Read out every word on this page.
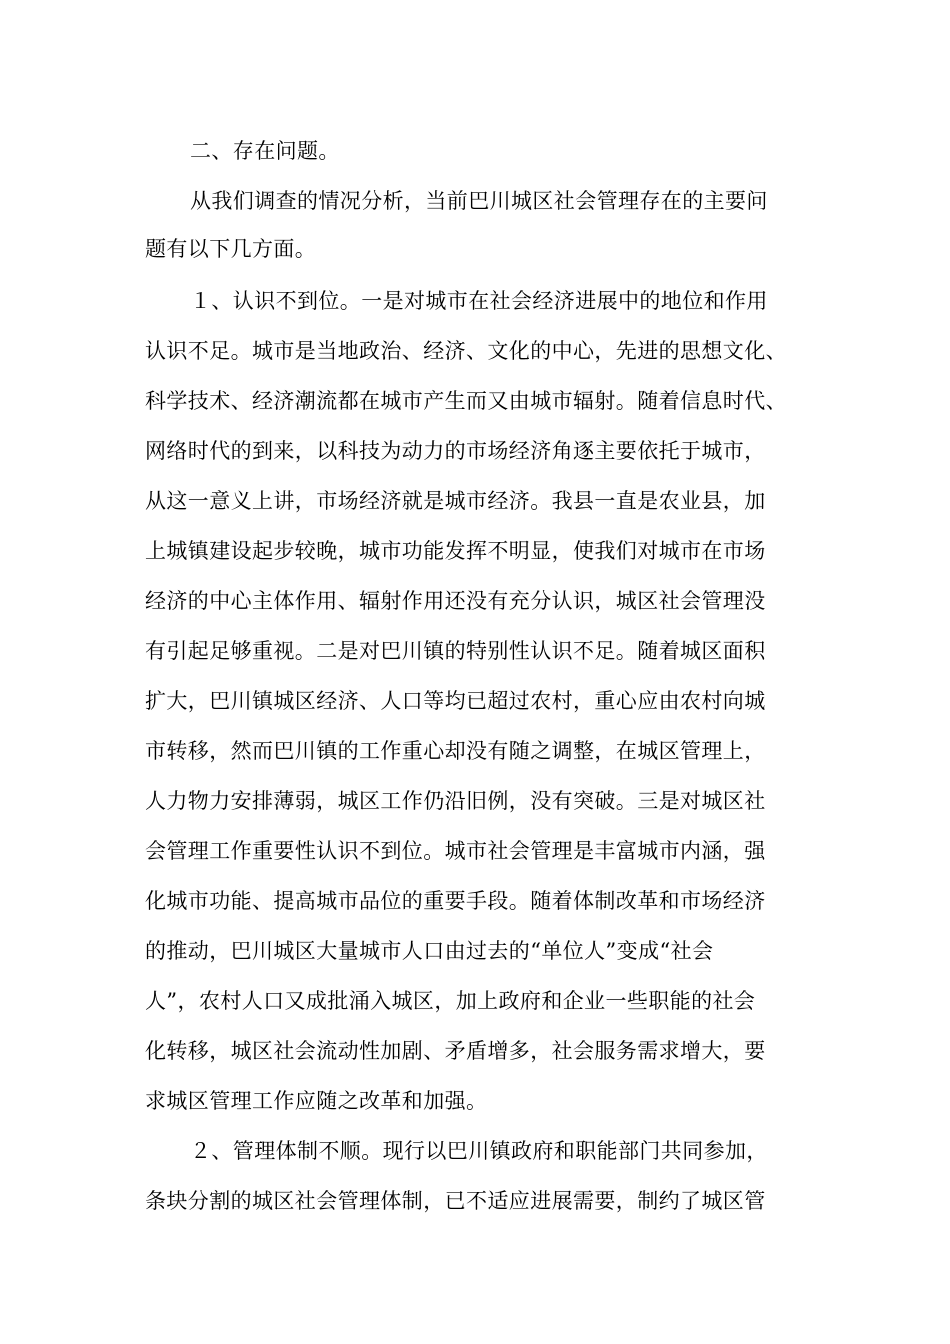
二、存在问题。
从我们调查的情况分析，当前巴川城区社会管理存在的主要问
题有以下几方面。
１、认识不到位。一是对城市在社会经济进展中的地位和作用
认识不足。城市是当地政治、经济、文化的中心，先进的思想文化、
科学技术、经济潮流都在城市产生而又由城市辐射。随着信息时代、
网络时代的到来，以科技为动力的市场经济角逐主要依托于城市，
从这一意义上讲，市场经济就是城市经济。我县一直是农业县，加
上城镇建设起步较晚，城市功能发挥不明显，使我们对城市在市场
经济的中心主体作用、辐射作用还没有充分认识，城区社会管理没
有引起足够重视。二是对巴川镇的特别性认识不足。随着城区面积
扩大，巴川镇城区经济、人口等均已超过农村，重心应由农村向城
市转移，然而巴川镇的工作重心却没有随之调整，在城区管理上，
人力物力安排薄弱，城区工作仍沿旧例，没有突破。三是对城区社
会管理工作重要性认识不到位。城市社会管理是丰富城市内涵，强
化城市功能、提高城市品位的重要手段。随着体制改革和市场经济
的推动，巴川城区大量城市人口由过去的“单位人”变成“社会
人”，农村人口又成批涌入城区，加上政府和企业一些职能的社会
化转移，城区社会流动性加剧、矛盾增多，社会服务需求增大，要
求城区管理工作应随之改革和加强。
２、管理体制不顺。现行以巴川镇政府和职能部门共同参加，
条块分割的城区社会管理体制，已不适应进展需要，制约了城区管
